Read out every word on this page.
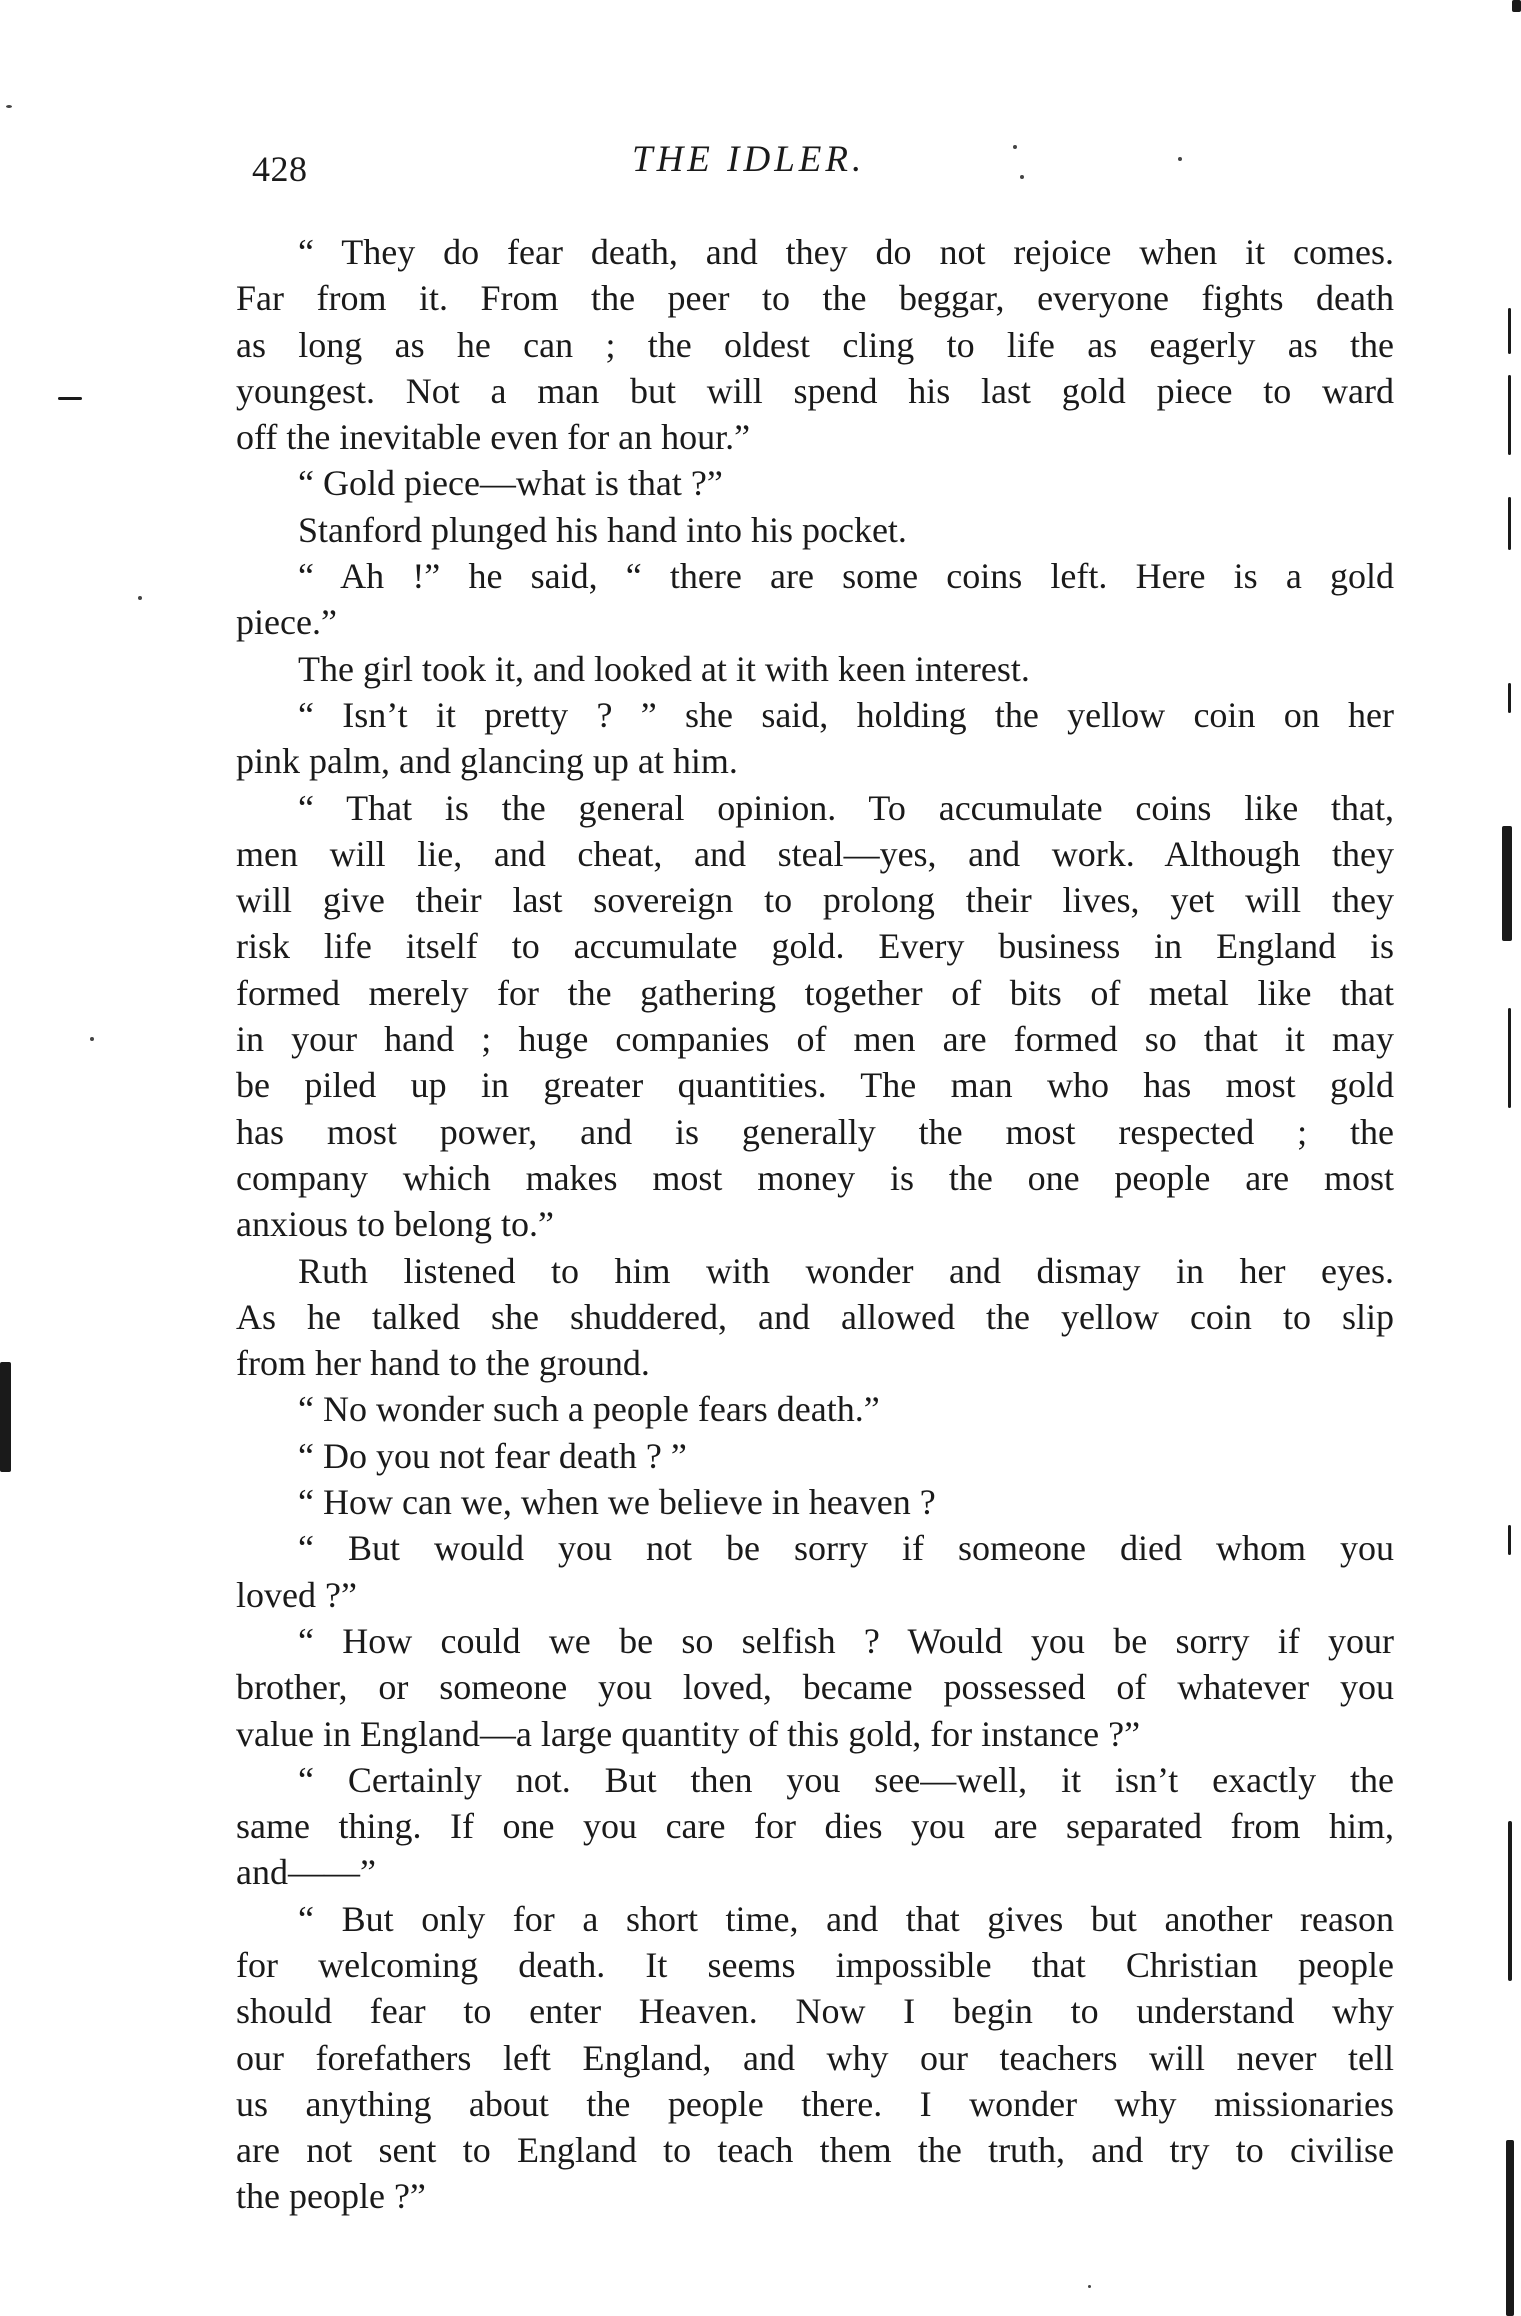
428	THE IDLER.
“ They do fear death, and they do not rejoice when it comes.
Far from it. From the peer to the beggar, everyone fights death
as long as he can ; the oldest cling to life as eagerly as the
youngest. Not a man but will spend his last gold piece to ward
off the inevitable even for an hour.”
“ Gold piece—what is that ?”
Stanford plunged his hand into his pocket.
“ Ah !” he said, “ there are some coins left. Here is a gold
piece.”
The girl took it, and looked at it with keen interest.
“ Isn’t it pretty ? ” she said, holding the yellow coin on her
pink palm, and glancing up at him.
“ That is the general opinion. To accumulate coins like that,
men will lie, and cheat, and steal—yes, and work. Although they
will give their last sovereign to prolong their lives, yet will they
risk life itself to accumulate gold. Every business in England is
formed merely for the gathering together of bits of metal like that
in your hand ; huge companies of men are formed so that it may
be piled up in greater quantities. The man who has most gold
has most power, and is generally the most respected ; the
company which makes most money is the one people are most
anxious to belong to.”
Ruth listened to him with wonder and dismay in her eyes.
As he talked she shuddered, and allowed the yellow coin to slip
from her hand to the ground.
“ No wonder such a people fears death.”
“ Do you not fear death ? ”
“ How can we, when we believe in heaven ?
“ But would you not be sorry if someone died whom you
loved ?”
“ How could we be so selfish ? Would you be sorry if your
brother, or someone you loved, became possessed of whatever you
value in England—a large quantity of this gold, for instance ?”
“ Certainly not. But then you see—well, it isn’t exactly the
same thing. If one you care for dies you are separated from him,
and——”
“ But only for a short time, and that gives but another reason
for welcoming death. It seems impossible that Christian people
should fear to enter Heaven. Now I begin to understand why
our forefathers left England, and why our teachers will never tell
us anything about the people there. I wonder why missionaries
are not sent to England to teach them the truth, and try to civilise
the people ?”
